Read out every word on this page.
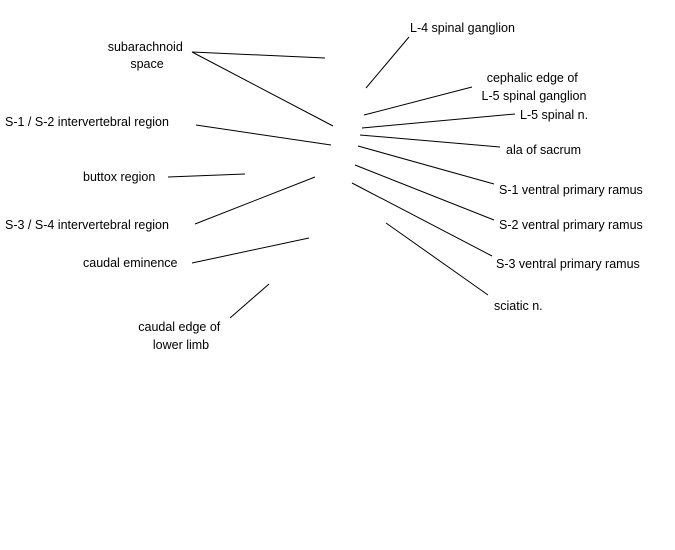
subarachnoid space
L-4 spinal ganglion
cephalic edge of L-5 spinal ganglion
L-5 spinal n.
S-1 / S-2 intervertebral region
ala of sacrum
buttox region
S-1 ventral primary ramus
S-3 / S-4 intervertebral region	S-2 ventral primary ramus
caudal eminence	S-3 ventral primary ramus
sciatic n.
caudal edge of lower limb
